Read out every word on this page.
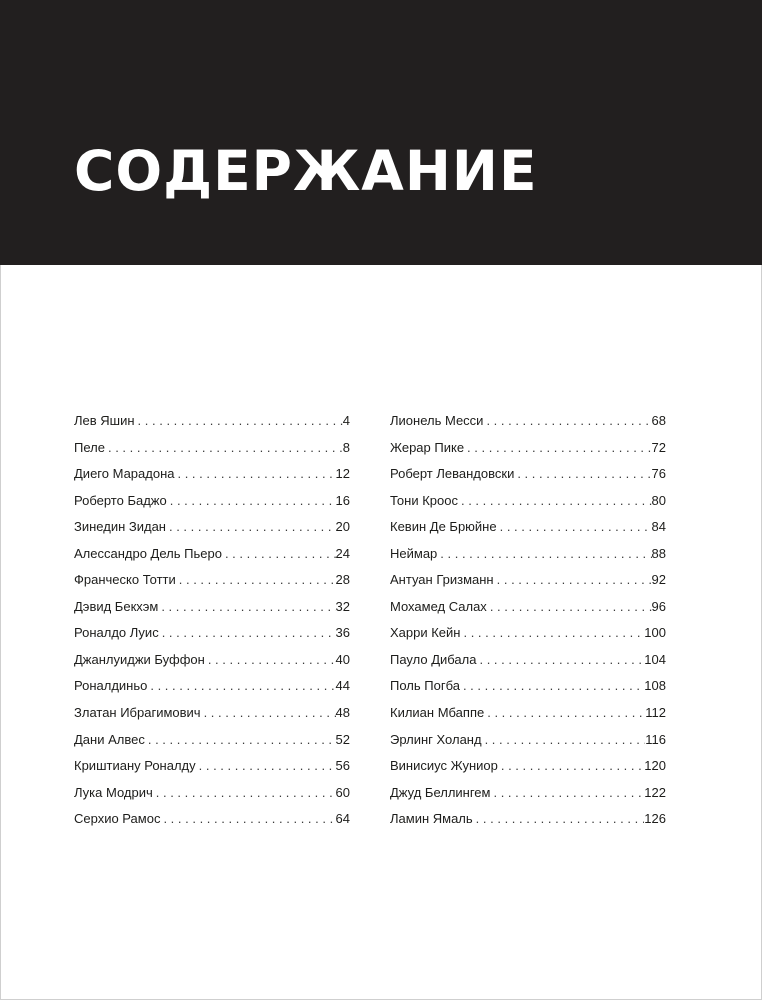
СОДЕРЖАНИЕ
Лев Яшин . . .	4
Пеле . . .	8
Диего Марадона . . .	12
Роберто Баджо . . .	16
Зинедин Зидан . . .	20
Алессандро Дель Пьеро . . .	24
Франческо Тотти . . .	28
Дэвид Бекхэм . . .	32
Роналдо Луис . . .	36
Джанлуиджи Буффон . . .	40
Роналдиньо . . .	44
Златан Ибрагимович . . .	48
Дани Алвес . . .	52
Криштиану Роналду . . .	56
Лука Модрич . . .	60
Серхио Рамос . . .	64
Лионель Месси . . .	68
Жерар Пике . . .	72
Роберт Левандовски . . .	76
Тони Кроос . . .	80
Кевин Де Брюйне . . .	84
Неймар . . .	88
Антуан Гризманн . . .	92
Мохамед Салах . . .	96
Харри Кейн . . .	100
Пауло Дибала . . .	104
Поль Погба . . .	108
Килиан Мбаппе . . .	112
Эрлинг Холанд . . .	116
Винисиус Жуниор . . .	120
Джуд Беллингем . . .	122
Ламин Ямаль . . .	126
